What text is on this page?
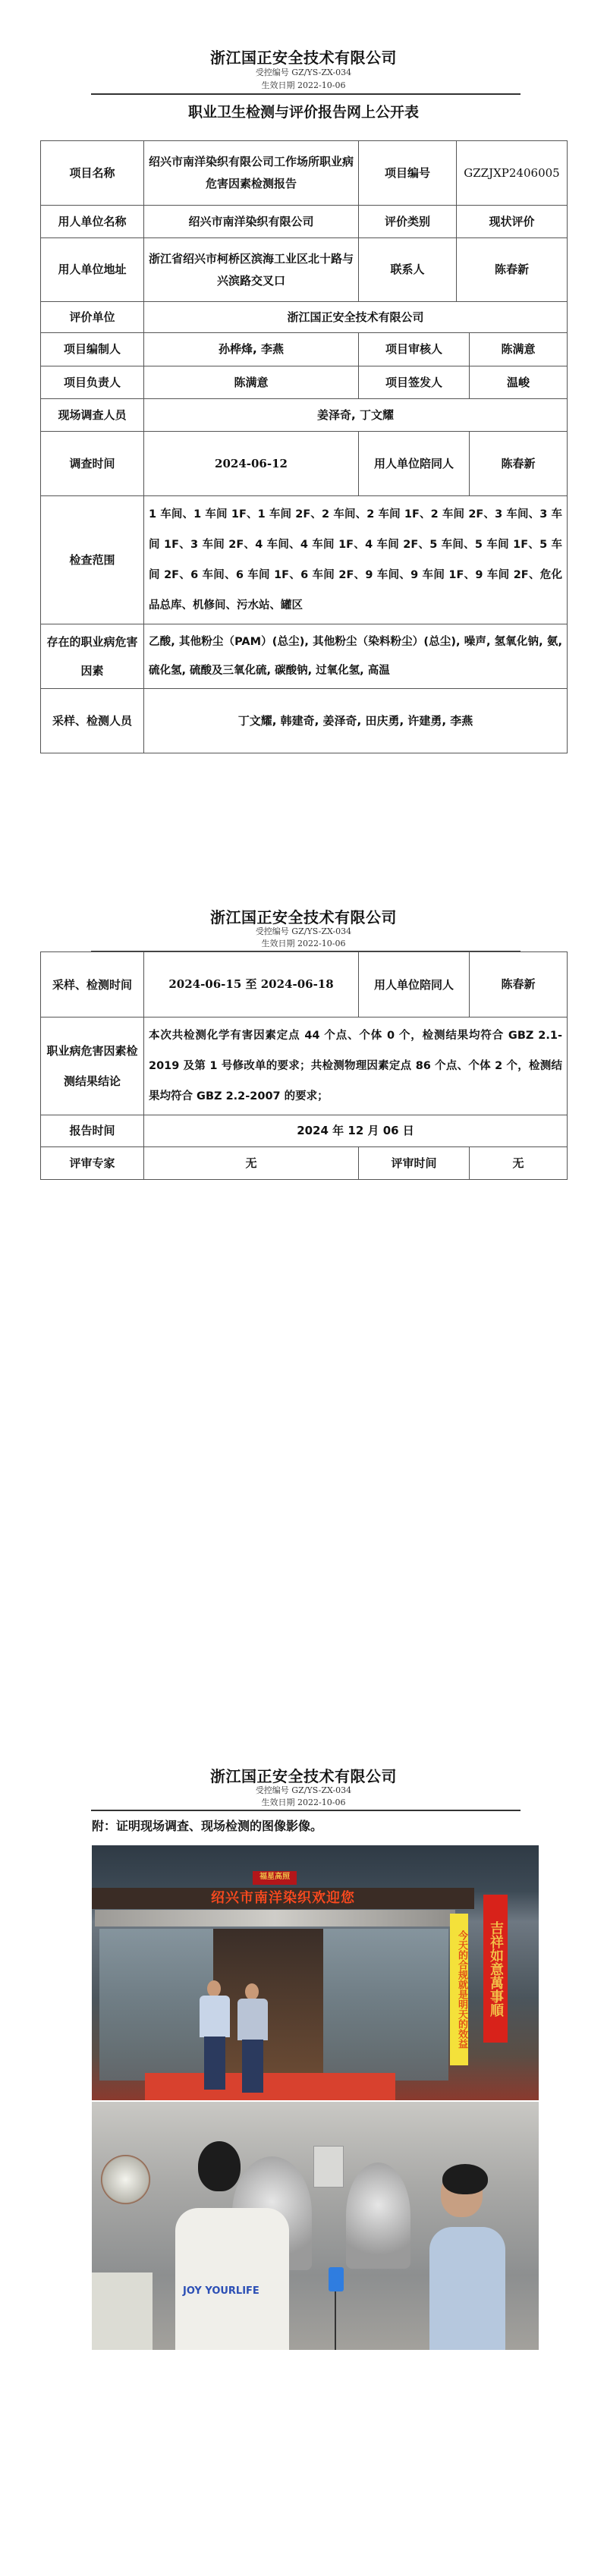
浙江国正安全技术有限公司
受控编号 GZ/YS-ZX-034
生效日期 2022-10-06
职业卫生检测与评价报告网上公开表
项目名称	绍兴市南洋染织有限公司工作场所职业病危害因素检测报告	项目编号	GZZJXP2406005
用人单位名称	绍兴市南洋染织有限公司	评价类别	现状评价
用人单位地址	浙江省绍兴市柯桥区滨海工业区北十路与兴滨路交叉口	联系人	陈春新
评价单位	浙江国正安全技术有限公司		
项目编制人	孙桦烽, 李燕	项目审核人	陈满意
项目负责人	陈满意	项目签发人	温峻
现场调查人员	姜泽奇, 丁文耀		
调查时间	2024-06-12	用人单位陪同人	陈春新
检查范围	1 车间、1 车间 1F、1 车间 2F、2 车间、2 车间 1F、2 车间 2F、3 车间、3 车间 1F、3 车间 2F、4 车间、4 车间 1F、4 车间 2F、5 车间、5 车间 1F、5 车间 2F、6 车间、6 车间 1F、6 车间 2F、9 车间、9 车间 1F、9 车间 2F、危化品总库、机修间、污水站、罐区		
存在的职业病危害因素	乙酸, 其他粉尘（PAM）(总尘), 其他粉尘（染料粉尘）(总尘), 噪声, 氢氧化钠, 氨, 硫化氢, 硫酸及三氧化硫, 碳酸钠, 过氧化氢, 高温		
采样、检测人员	丁文耀, 韩建奇, 姜泽奇, 田庆勇, 许建勇, 李燕		
浙江国正安全技术有限公司
受控编号 GZ/YS-ZX-034
生效日期 2022-10-06
采样、检测时间	2024-06-15 至 2024-06-18	用人单位陪同人	陈春新
职业病危害因素检测结果结论	本次共检测化学有害因素定点 44 个点、个体 0 个，检测结果均符合 GBZ 2.1-2019 及第 1 号修改单的要求；共检测物理因素定点 86 个点、个体 2 个，检测结果均符合 GBZ 2.2-2007 的要求；		
报告时间	2024 年 12 月 06 日		
评审专家	无	评审时间	无
浙江国正安全技术有限公司
受控编号 GZ/YS-ZX-034
生效日期 2022-10-06
附：证明现场调查、现场检测的图像影像。
福星高照
绍兴市南洋染织欢迎您
今天的合规就是明天的效益	吉祥如意萬事順
JOY YOURLIFE
